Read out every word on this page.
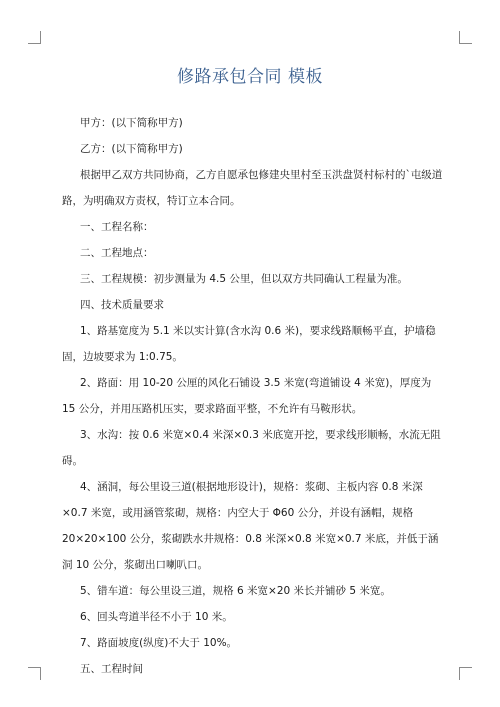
修路承包合同 模板

甲方：(以下简称甲方)

乙方：(以下简称甲方)

根据甲乙双方共同协商，乙方自愿承包修建央里村至玉洪盘贤村标村的`屯级道路，为明确双方责权，特订立本合同。

一、工程名称：

二、工程地点：

三、工程规模：初步测量为 4.5 公里，但以双方共同确认工程量为准。

四、技术质量要求

1、路基宽度为 5.1 米以实计算(含水沟 0.6 米)，要求线路顺畅平直，护墙稳固，边坡要求为 1:0.75。

2、路面：用 10-20 公厘的风化石铺设 3.5 米宽(弯道铺设 4 米宽)，厚度为 15 公分，并用压路机压实，要求路面平整，不允许有马鞍形状。

3、水沟：按 0.6 米宽×0.4 米深×0.3 米底宽开挖，要求线形顺畅，水流无阻碍。

4、涵洞，每公里设三道(根据地形设计)，规格：浆砌、主板内容 0.8 米深×0.7 米宽，或用涵管浆砌，规格：内空大于 Φ60 公分，并设有涵帽，规格 20×20×100 公分，浆砌跌水井规格：0.8 米深×0.8 米宽×0.7 米底，并低于涵洞 10 公分，浆砌出口喇叭口。

5、错车道：每公里设三道，规格 6 米宽×20 米长并铺砂 5 米宽。

6、回头弯道半径不小于 10 米。

7、路面坡度(纵度)不大于 10%。

五、工程时间
